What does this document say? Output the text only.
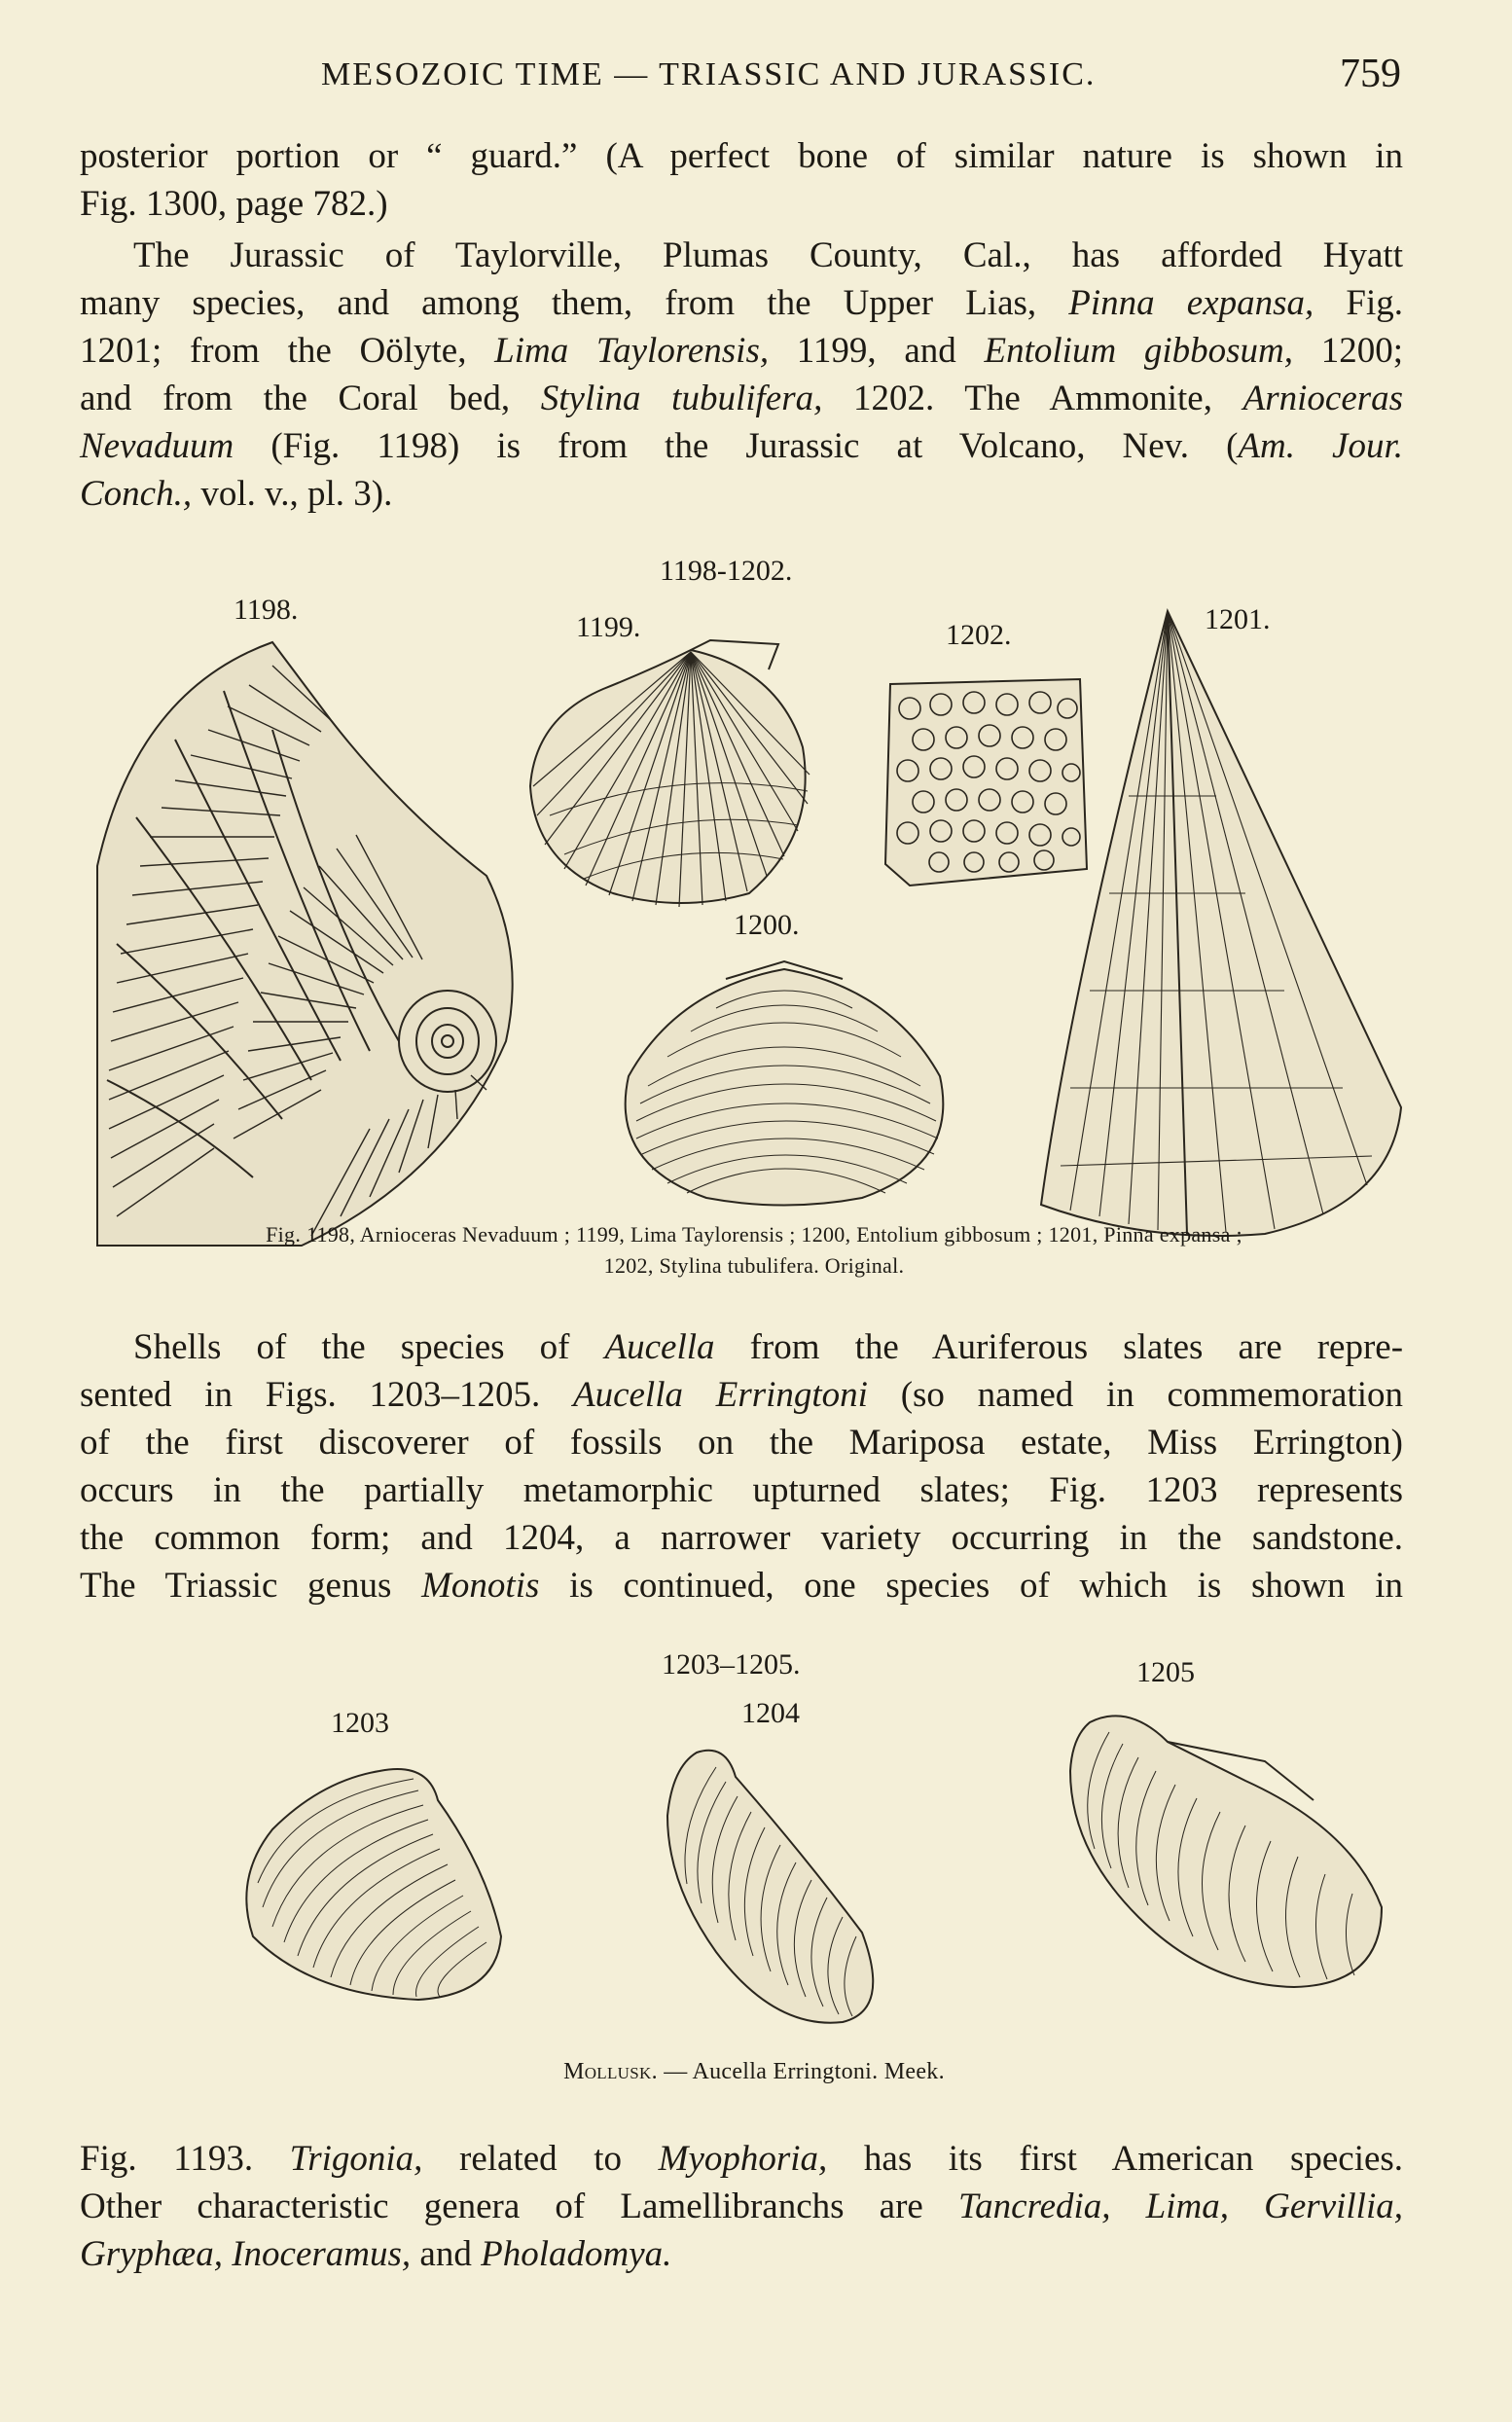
MESOZOIC TIME — TRIASSIC AND JURASSIC.	759
posterior portion or “ guard.” (A perfect bone of similar nature is shown in
Fig. 1300, page 782.)
The Jurassic of Taylorville, Plumas County, Cal., has afforded Hyatt
many species, and among them, from the Upper Lias, Pinna expansa, Fig.
1201; from the Oölyte, Lima Taylorensis, 1199, and Entolium gibbosum, 1200;
and from the Coral bed, Stylina tubulifera, 1202. The Ammonite, Arnioceras
Nevaduum (Fig. 1198) is from the Jurassic at Volcano, Nev. (Am. Jour.
Conch., vol. v., pl. 3).
1198-1202.
1198.
1199.	1202.	1201.
1200.
Fig. 1198, Arnioceras Nevaduum ; 1199, Lima Taylorensis ; 1200, Entolium gibbosum ; 1201, Pinna expansa ;
1202, Stylina tubulifera. Original.
Shells of the species of Aucella from the Auriferous slates are repre-
sented in Figs. 1203–1205. Aucella Erringtoni (so named in commemoration
of the first discoverer of fossils on the Mariposa estate, Miss Errington)
occurs in the partially metamorphic upturned slates; Fig. 1203 represents
the common form; and 1204, a narrower variety occurring in the sandstone.
The Triassic genus Monotis is continued, one species of which is shown in
1203–1205.
1203	1204
1205
Mollusk. — Aucella Erringtoni. Meek.
Fig. 1193. Trigonia, related to Myophoria, has its first American species.
Other characteristic genera of Lamellibranchs are Tancredia, Lima, Gervillia,
Gryphæa, Inoceramus, and Pholadomya.
